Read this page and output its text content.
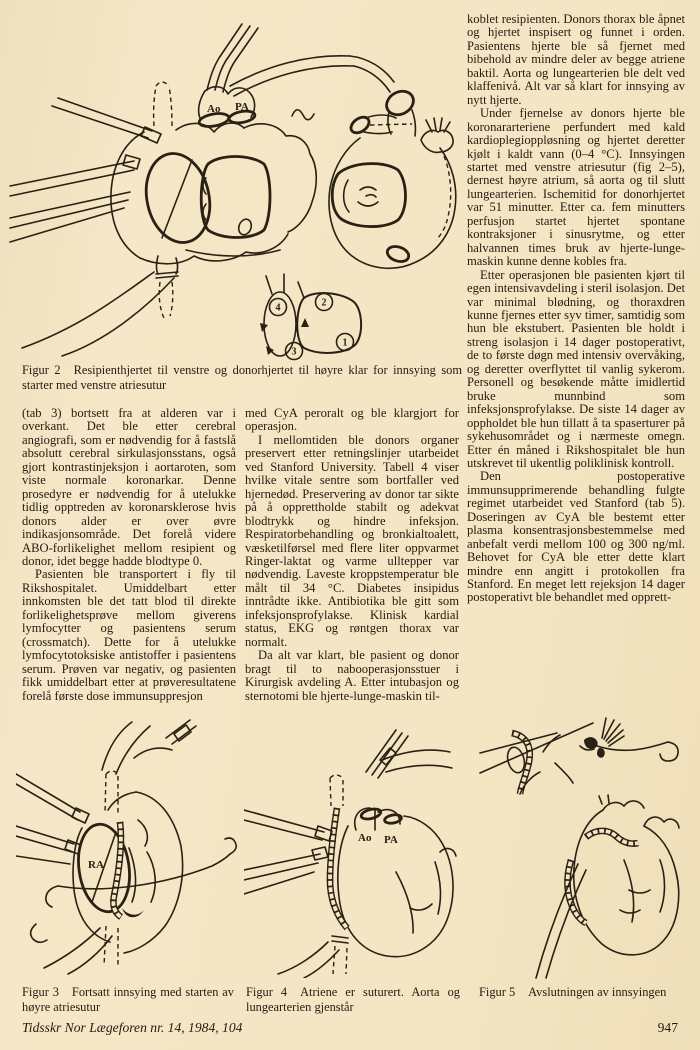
Ao PA
4	2
3
1
Figur 2 Resipienthjertet til venstre og donorhjertet til høyre klar for innsying som starter med venstre atriesutur

(tab 3) bortsett fra at alderen var i overkant. Det ble etter cerebral angiografi, som er nødvendig for å fastslå absolutt cerebral sirkulasjonsstans, også gjort kontrastinjeksjon i aortaroten, som viste normale koronarkar. Denne prosedyre er nødvendig for å utelukke tidlig opptreden av koronarsklerose hvis donors alder er over øvre indikasjonsområde. Det forelå videre ABO-forlikelighet mellom resipient og donor, idet begge hadde blodtype 0.

Pasienten ble transportert i fly til Rikshospitalet. Umiddelbart etter innkomsten ble det tatt blod til direkte forlikelighetsprøve mellom giverens lymfocytter og pasientens serum (crossmatch). Dette for å utelukke lymfocytotoksiske antistoffer i pasientens serum. Prøven var negativ, og pasienten fikk umiddelbart etter at prøveresultatene forelå første dose immunsuppresjon

med CyA peroralt og ble klargjort for operasjon.

I mellomtiden ble donors organer preservert etter retningslinjer utarbeidet ved Stanford University. Tabell 4 viser hvilke vitale sentre som bortfaller ved hjernedød. Preservering av donor tar sikte på å opprettholde stabilt og adekvat blodtrykk og hindre infeksjon. Respiratorbehandling og bronkialtoalett, væsketilførsel med flere liter oppvarmet Ringer-laktat og varme ulltepper var nødvendig. Laveste kroppstemperatur ble målt til 34 °C. Diabetes insipidus inntrådte ikke. Antibiotika ble gitt som infeksjonsprofylakse. Klinisk kardial status, EKG og røntgen thorax var normalt.

Da alt var klart, ble pasient og donor bragt til to nabooperasjonsstuer i Kirurgisk avdeling A. Etter intubasjon og sternotomi ble hjerte-lunge-maskin til-

koblet resipienten. Donors thorax ble åpnet og hjertet inspisert og funnet i orden. Pasientens hjerte ble så fjernet med bibehold av mindre deler av begge atriene baktil. Aorta og lungearterien ble delt ved klaffenivå. Alt var så klart for innsying av nytt hjerte.

Under fjernelse av donors hjerte ble koronararteriene perfundert med kald kardioplegioppløsning og hjertet deretter kjølt i kaldt vann (0–4 °C). Innsyingen startet med venstre atriesutur (fig 2–5), dernest høyre atrium, så aorta og til slutt lungearterien. Ischemitid for donorhjertet var 51 minutter. Etter ca. fem minutters perfusjon startet hjertet spontane kontraksjoner i sinusrytme, og etter halvannen times bruk av hjerte-lunge-maskin kunne denne kobles fra.

Etter operasjonen ble pasienten kjørt til egen intensivavdeling i steril isolasjon. Det var minimal blødning, og thoraxdren kunne fjernes etter syv timer, samtidig som hun ble ekstubert. Pasienten ble holdt i streng isolasjon i 14 dager postoperativt, de to første døgn med intensiv overvåking, og deretter overflyttet til vanlig sykerom. Personell og besøkende måtte imidlertid bruke munnbind som infeksjonsprofylakse. De siste 14 dager av oppholdet ble hun tillatt å ta spaserturer på sykehusområdet og i nærmeste omegn. Etter én måned i Rikshospitalet ble hun utskrevet til ukentlig poliklinisk kontroll.

Den postoperative immunsupprimerende behandling fulgte regimet utarbeidet ved Stanford (tab 5). Doseringen av CyA ble bestemt etter plasma konsentrasjonsbestemmelse med anbefalt verdi mellom 100 og 300 ng/ml. Behovet for CyA ble etter dette klart mindre enn angitt i protokollen fra Stanford. En meget lett rejeksjon 14 dager postoperativt ble behandlet med opprett-

RA
Ao PA
Figur 3 Fortsatt innsying med starten av høyre atriesutur
Figur 4 Atriene er suturert. Aorta og lungearterien gjenstår
Figur 5 Avslutningen av innsyingen
Tidsskr Nor Lægeforen nr. 14, 1984, 104	947
